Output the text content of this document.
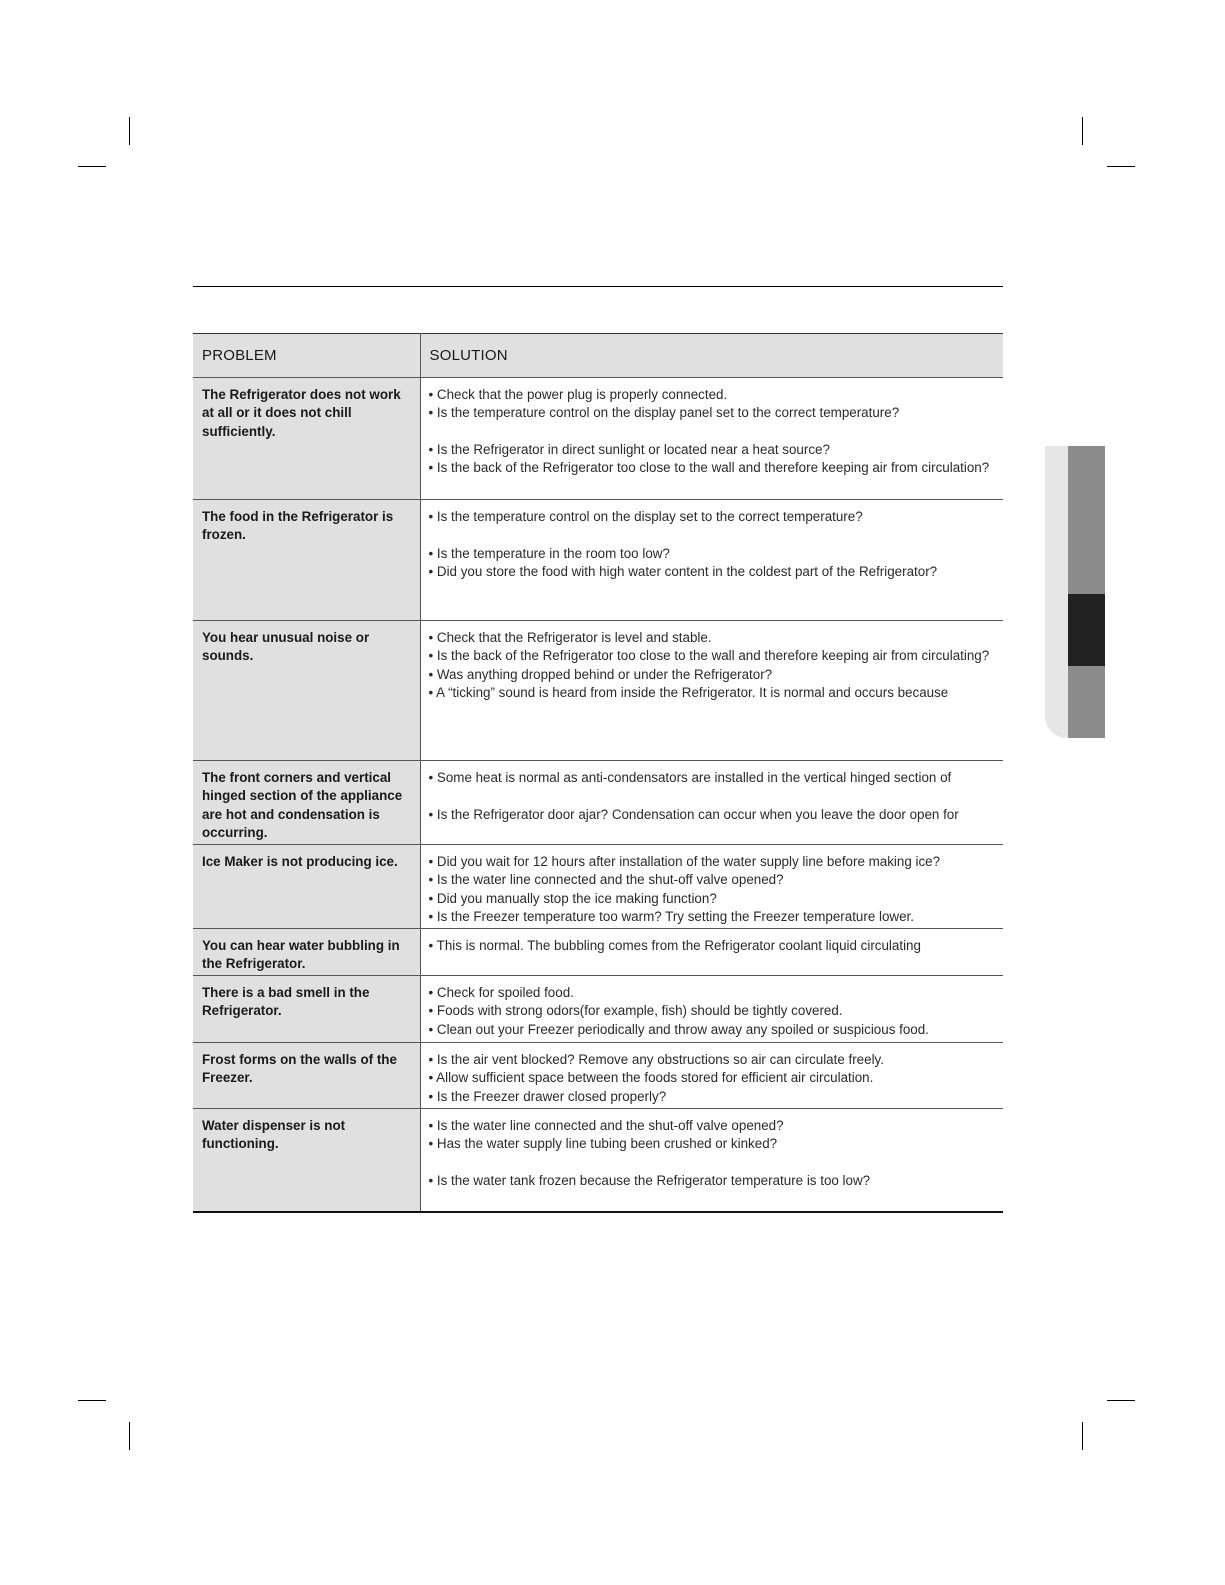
PROBLEM	SOLUTION
The Refrigerator does not work at all or it does not chill sufficiently.	• Check that the power plug is properly connected.
• Is the temperature control on the display panel set to the correct temperature?
• Is the Refrigerator in direct sunlight or located near a heat source?
• Is the back of the Refrigerator too close to the wall and therefore keeping air from circulation?

The food in the Refrigerator is frozen.	• Is the temperature control on the display set to the correct temperature?
• Is the temperature in the room too low?
• Did you store the food with high water content in the coldest part of the Refrigerator?

You hear unusual noise or sounds.	• Check that the Refrigerator is level and stable.
• Is the back of the Refrigerator too close to the wall and therefore keeping air from circulating?
• Was anything dropped behind or under the Refrigerator?
• A “ticking” sound is heard from inside the Refrigerator. It is normal and occurs because

The front corners and vertical hinged section of the appliance are hot and condensation is occurring.	• Some heat is normal as anti-condensators are installed in the vertical hinged section of
• Is the Refrigerator door ajar? Condensation can occur when you leave the door open for

Ice Maker is not producing ice.	• Did you wait for 12 hours after installation of the water supply line before making ice?
• Is the water line connected and the shut-off valve opened?
• Did you manually stop the ice making function?
• Is the Freezer temperature too warm? Try setting the Freezer temperature lower.

You can hear water bubbling in the Refrigerator.	• This is normal. The bubbling comes from the Refrigerator coolant liquid circulating

There is a bad smell in the Refrigerator.	• Check for spoiled food.
• Foods with strong odors(for example, fish) should be tightly covered.
• Clean out your Freezer periodically and throw away any spoiled or suspicious food.

Frost forms on the walls of the Freezer.	• Is the air vent blocked? Remove any obstructions so air can circulate freely.
• Allow sufficient space between the foods stored for efficient air circulation.
• Is the Freezer drawer closed properly?

Water dispenser is not functioning.	• Is the water line connected and the shut-off valve opened?
• Has the water supply line tubing been crushed or kinked?
• Is the water tank frozen because the Refrigerator temperature is too low?
